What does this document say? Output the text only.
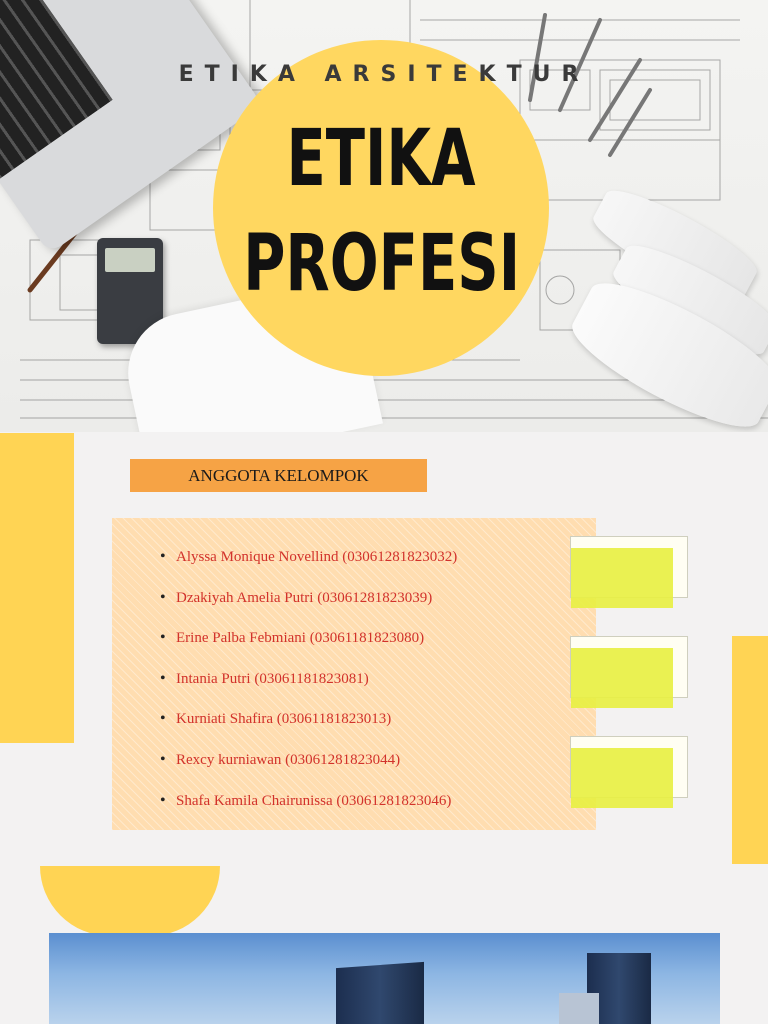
ETIKA ARSITEKTUR
ETIKA
PROFESI
ANGGOTA KELOMPOK
• Alyssa Monique Novellind (03061281823032)
• Dzakiyah Amelia Putri (03061281823039)
• Erine Palba Febmiani (03061181823080)
• Intania Putri (03061181823081)
• Kurniati Shafira (03061181823013)
• Rexcy kurniawan (03061281823044)
• Shafa Kamila Chairunissa (03061281823046)
